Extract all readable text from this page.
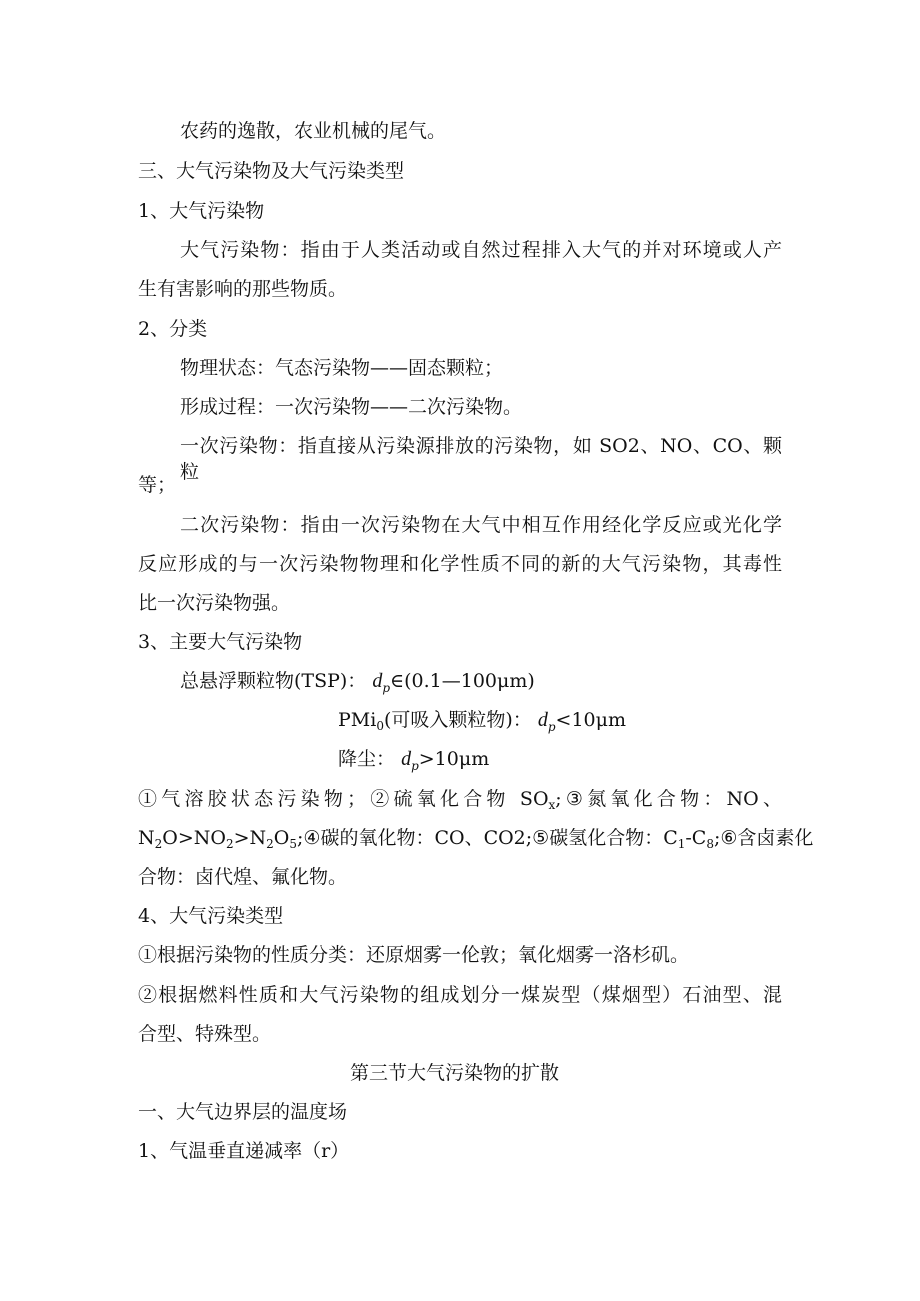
农药的逸散，农业机械的尾气。
三、大气污染物及大气污染类型
1、大气污染物
大气污染物：指由于人类活动或自然过程排入大气的并对环境或人产
生有害影响的那些物质。
2、分类
物理状态：气态污染物——固态颗粒；
形成过程：一次污染物——二次污染物。
一次污染物：指直接从污染源排放的污染物，如 SO2、NO、CO、颗粒
等；
二次污染物：指由一次污染物在大气中相互作用经化学反应或光化学
反应形成的与一次污染物物理和化学性质不同的新的大气污染物，其毒性
比一次污染物强。
3、主要大气污染物
总悬浮颗粒物(TSP)： $d_p\in(0.1—100\mu m)$
PMi$_0$(可吸入颗粒物)： $d_p<10\mu m$
降尘： $d_p>10\mu m$
①气溶胶状态污染物；②硫氧化合物 $SO_x;③$氮氧化合物：NO、
$N_2O>NO_2>N_2O_5;④$碳的氧化物：CO、CO2;⑤碳氢化合物：$C_1-C_8;⑥$含卤素化
合物：卤代煌、氟化物。
4、大气污染类型
①根据污染物的性质分类：还原烟雾一伦敦；氧化烟雾一洛杉矶。
②根据燃料性质和大气污染物的组成划分一煤炭型（煤烟型）石油型、混
合型、特殊型。
第三节大气污染物的扩散
一、大气边界层的温度场
1、气温垂直递减率（r）
